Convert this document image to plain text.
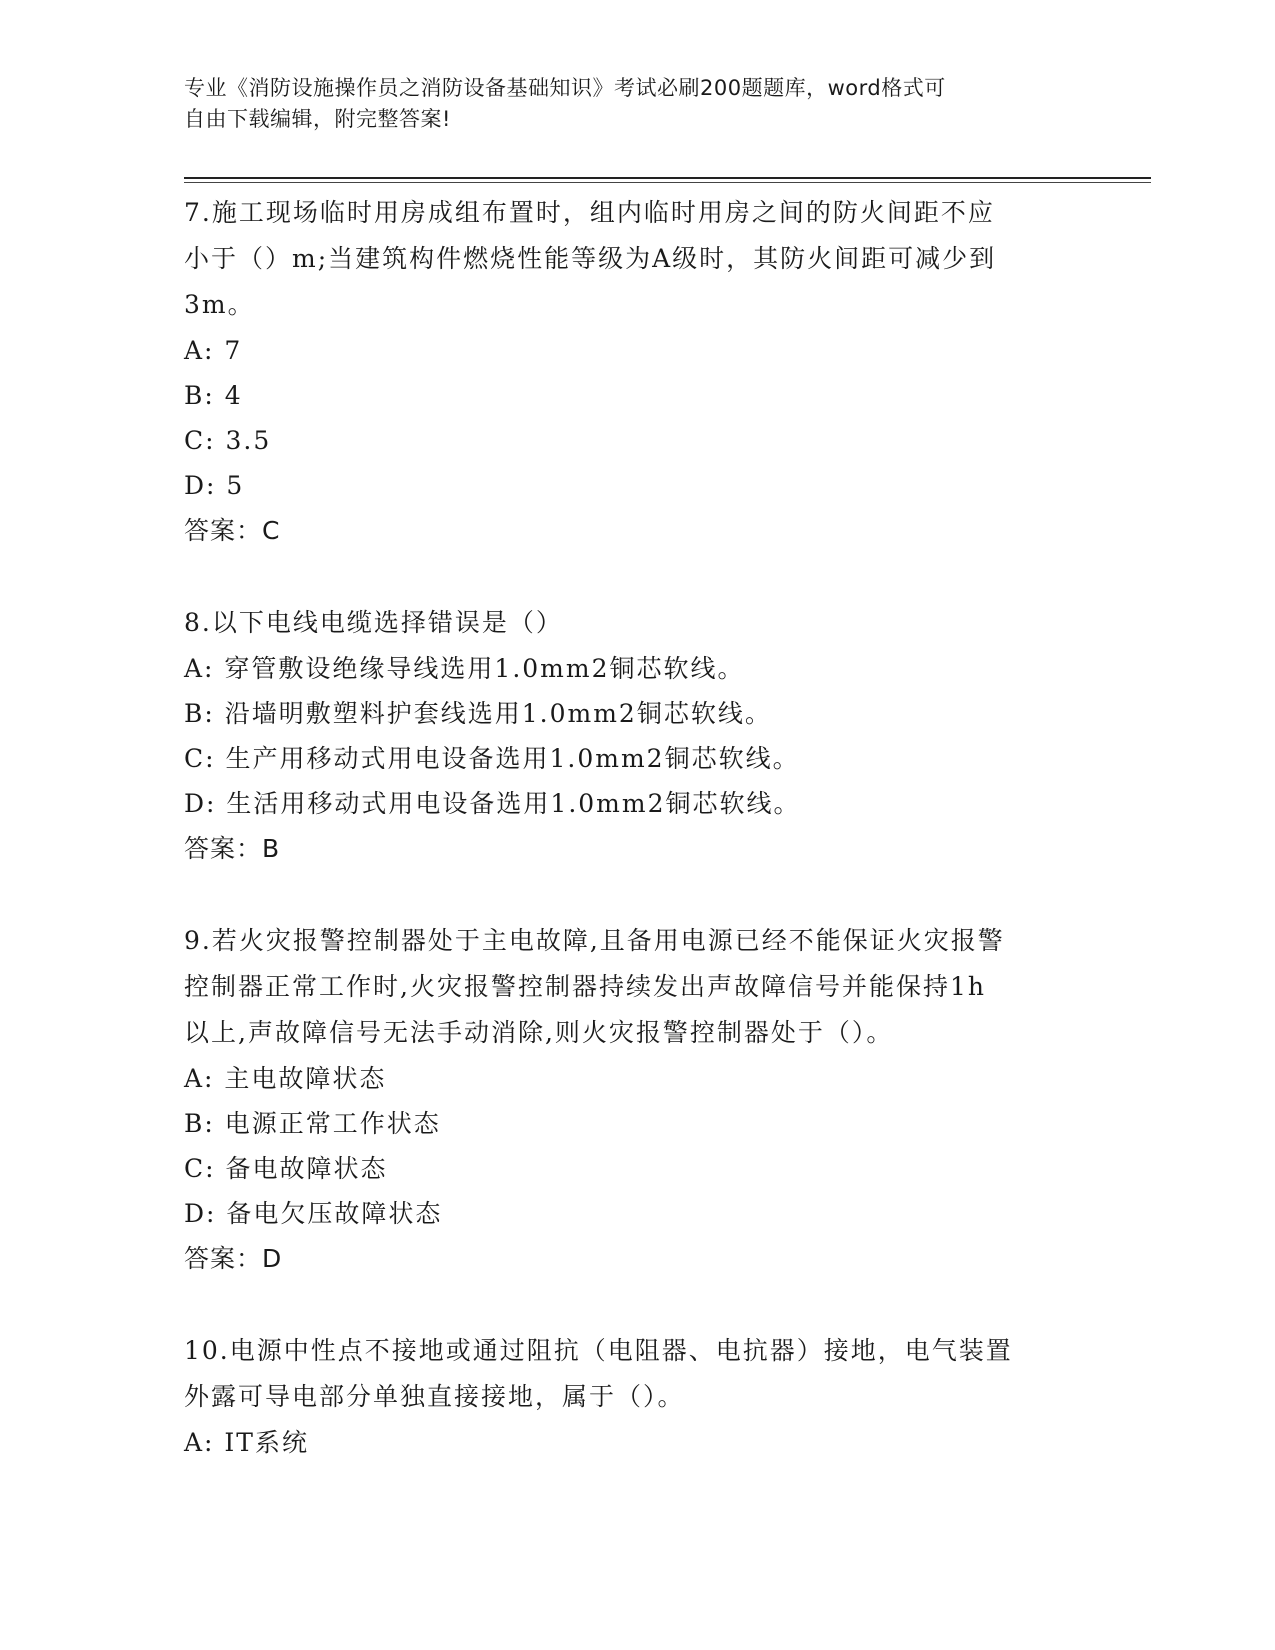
专业《消防设施操作员之消防设备基础知识》考试必刷200题题库，word格式可
自由下载编辑，附完整答案!
7.施工现场临时用房成组布置时，组内临时用房之间的防火间距不应
小于（）m;当建筑构件燃烧性能等级为A级时，其防火间距可减少到
3m。
A: 7
B: 4
C: 3.5
D: 5
答案：C
8.以下电线电缆选择错误是（）
A: 穿管敷设绝缘导线选用1.0mm2铜芯软线。
B: 沿墙明敷塑料护套线选用1.0mm2铜芯软线。
C: 生产用移动式用电设备选用1.0mm2铜芯软线。
D: 生活用移动式用电设备选用1.0mm2铜芯软线。
答案：B
9.若火灾报警控制器处于主电故障,且备用电源已经不能保证火灾报警
控制器正常工作时,火灾报警控制器持续发出声故障信号并能保持1h
以上,声故障信号无法手动消除,则火灾报警控制器处于（）。
A: 主电故障状态
B: 电源正常工作状态
C: 备电故障状态
D: 备电欠压故障状态
答案：D
10.电源中性点不接地或通过阻抗（电阻器、电抗器）接地，电气装置
外露可导电部分单独直接接地，属于（）。
A: IT系统
